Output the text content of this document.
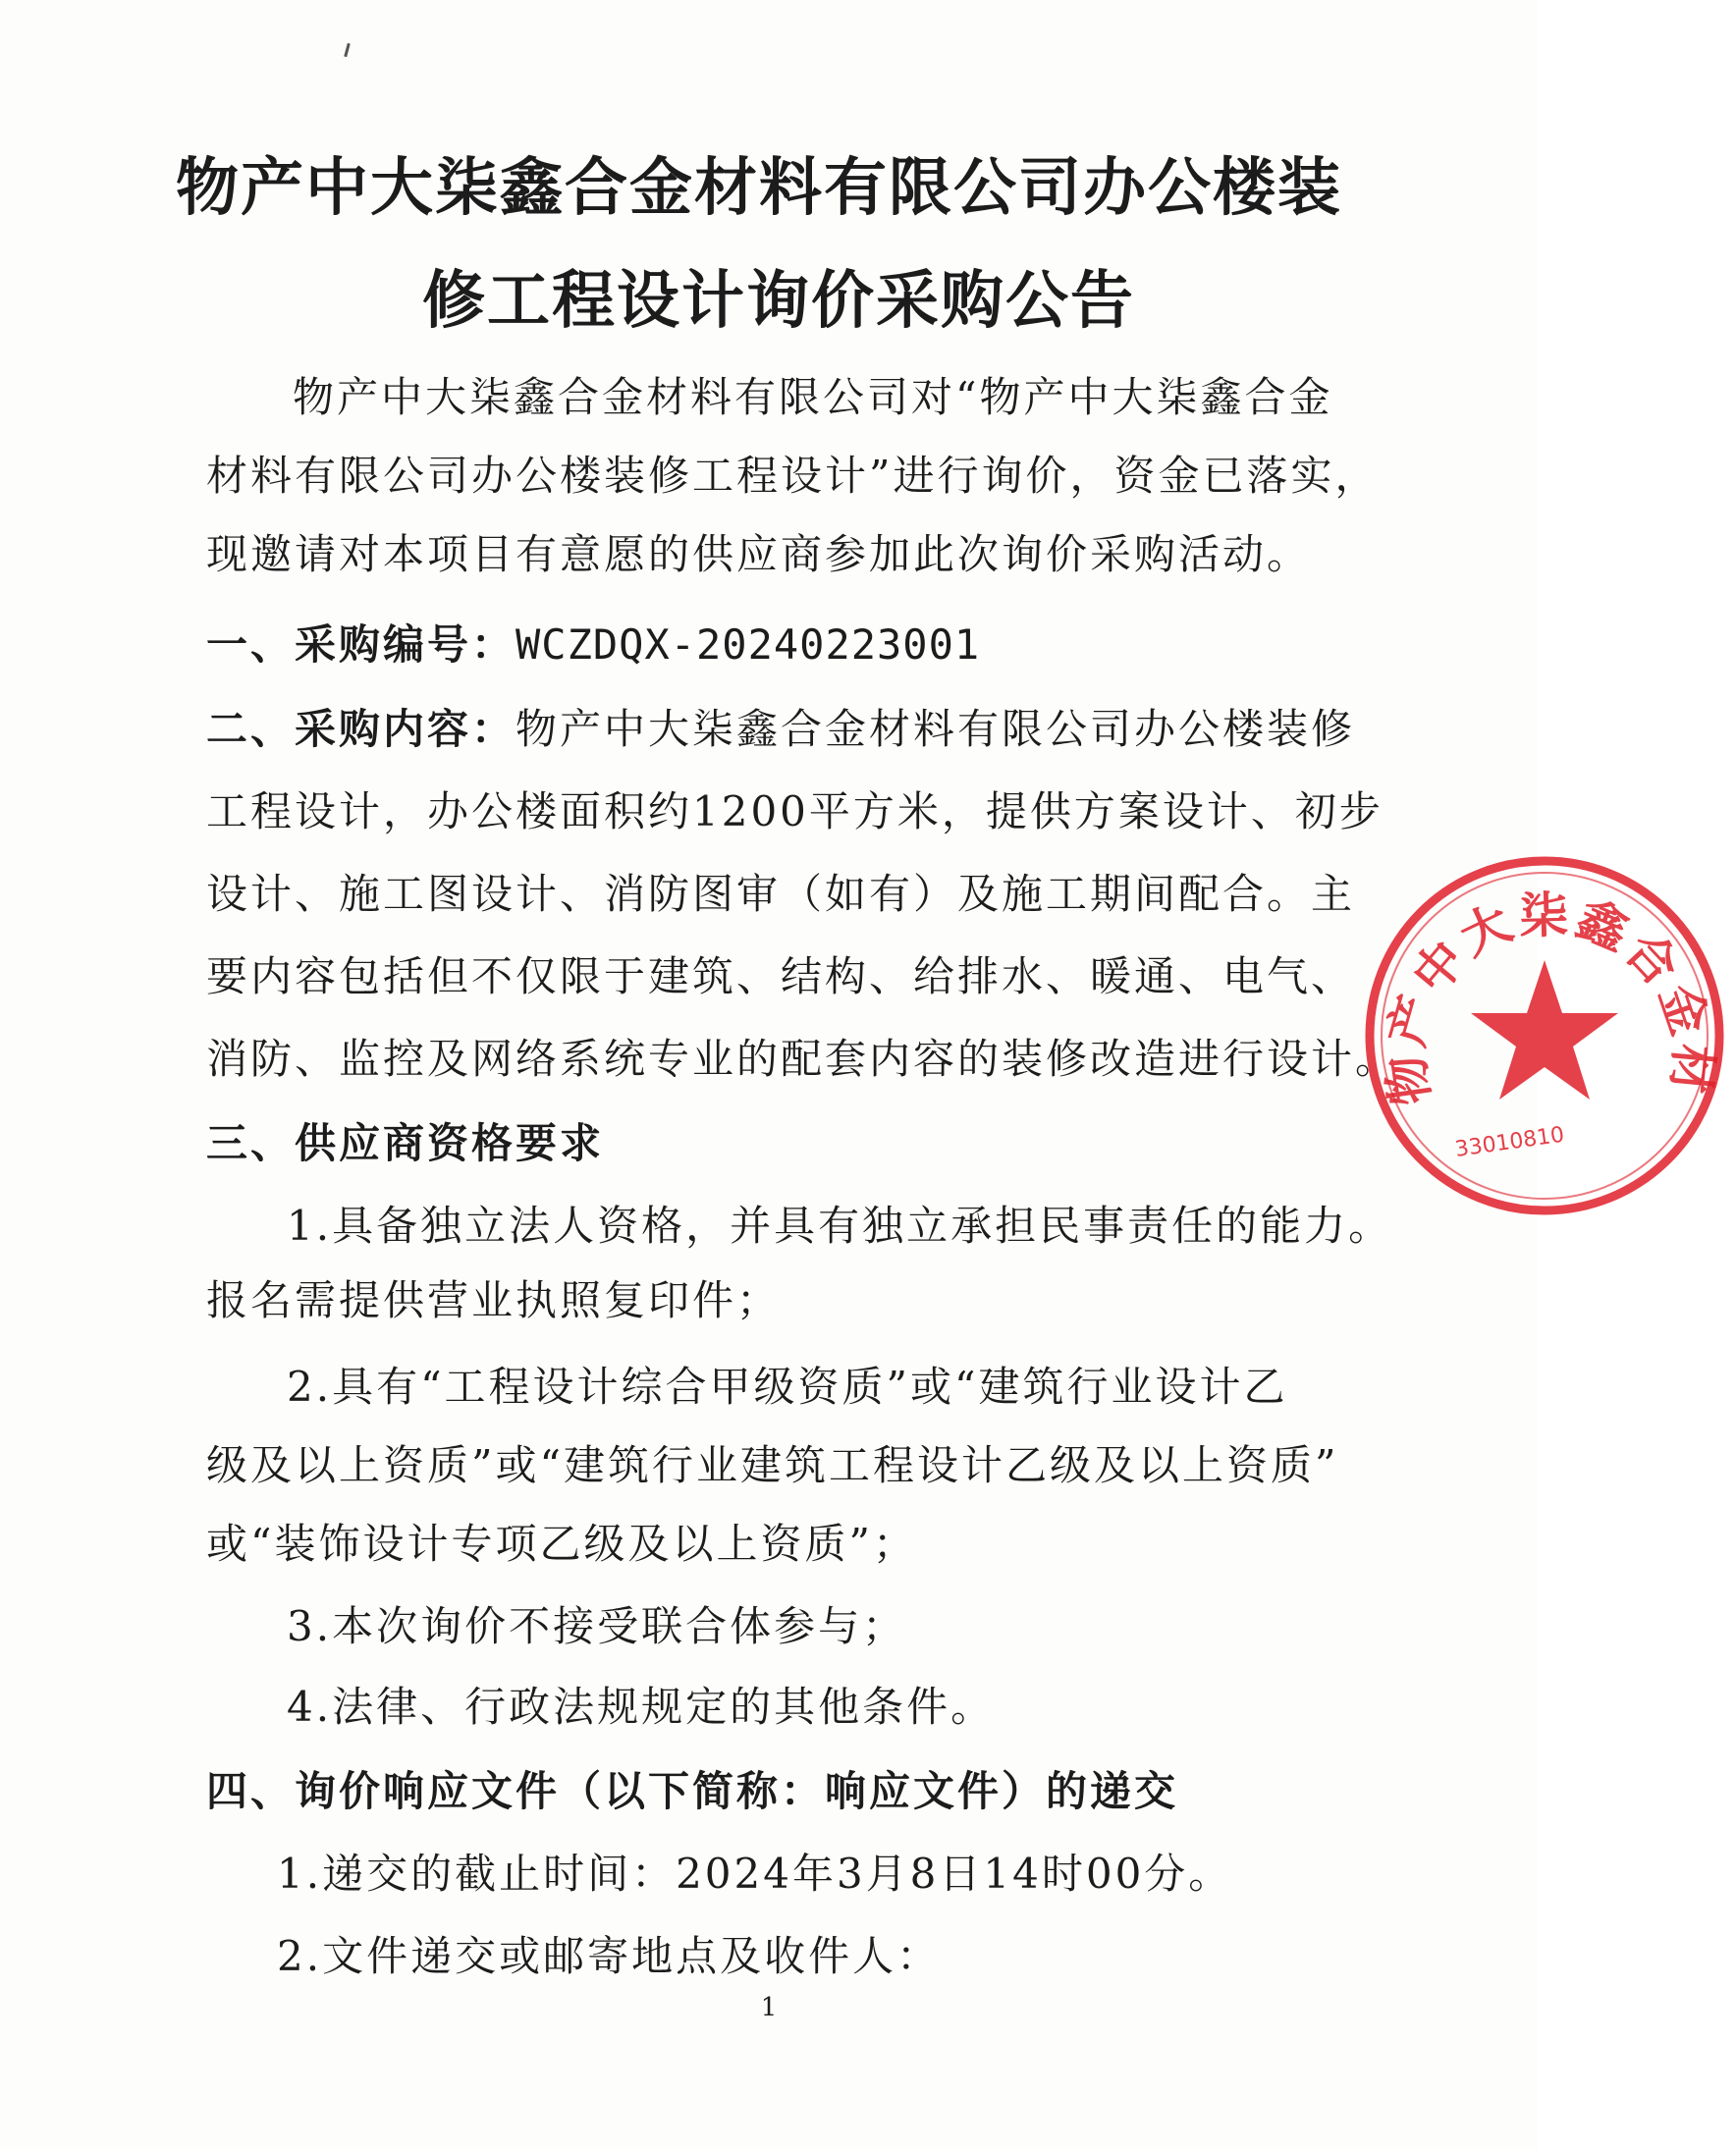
物产中大柒鑫合金材料有限公司办公楼装
修工程设计询价采购公告
物产中大柒鑫合金材料有限公司对“物产中大柒鑫合金
材料有限公司办公楼装修工程设计”进行询价，资金已落实，
现邀请对本项目有意愿的供应商参加此次询价采购活动。
一、采购编号：WCZDQX-20240223001
二、采购内容：物产中大柒鑫合金材料有限公司办公楼装修
工程设计，办公楼面积约1200平方米，提供方案设计、初步
设计、施工图设计、消防图审（如有）及施工期间配合。主
要内容包括但不仅限于建筑、结构、给排水、暖通、电气、
消防、监控及网络系统专业的配套内容的装修改造进行设计。
三、供应商资格要求
1.具备独立法人资格，并具有独立承担民事责任的能力。
报名需提供营业执照复印件；
2.具有“工程设计综合甲级资质”或“建筑行业设计乙
级及以上资质”或“建筑行业建筑工程设计乙级及以上资质”
或“装饰设计专项乙级及以上资质”；
3.本次询价不接受联合体参与；
4.法律、行政法规规定的其他条件。
四、询价响应文件（以下简称：响应文件）的递交
1.递交的截止时间：2024年3月8日14时00分。
2.文件递交或邮寄地点及收件人：
1
物产中大柒鑫合金材
33010810
